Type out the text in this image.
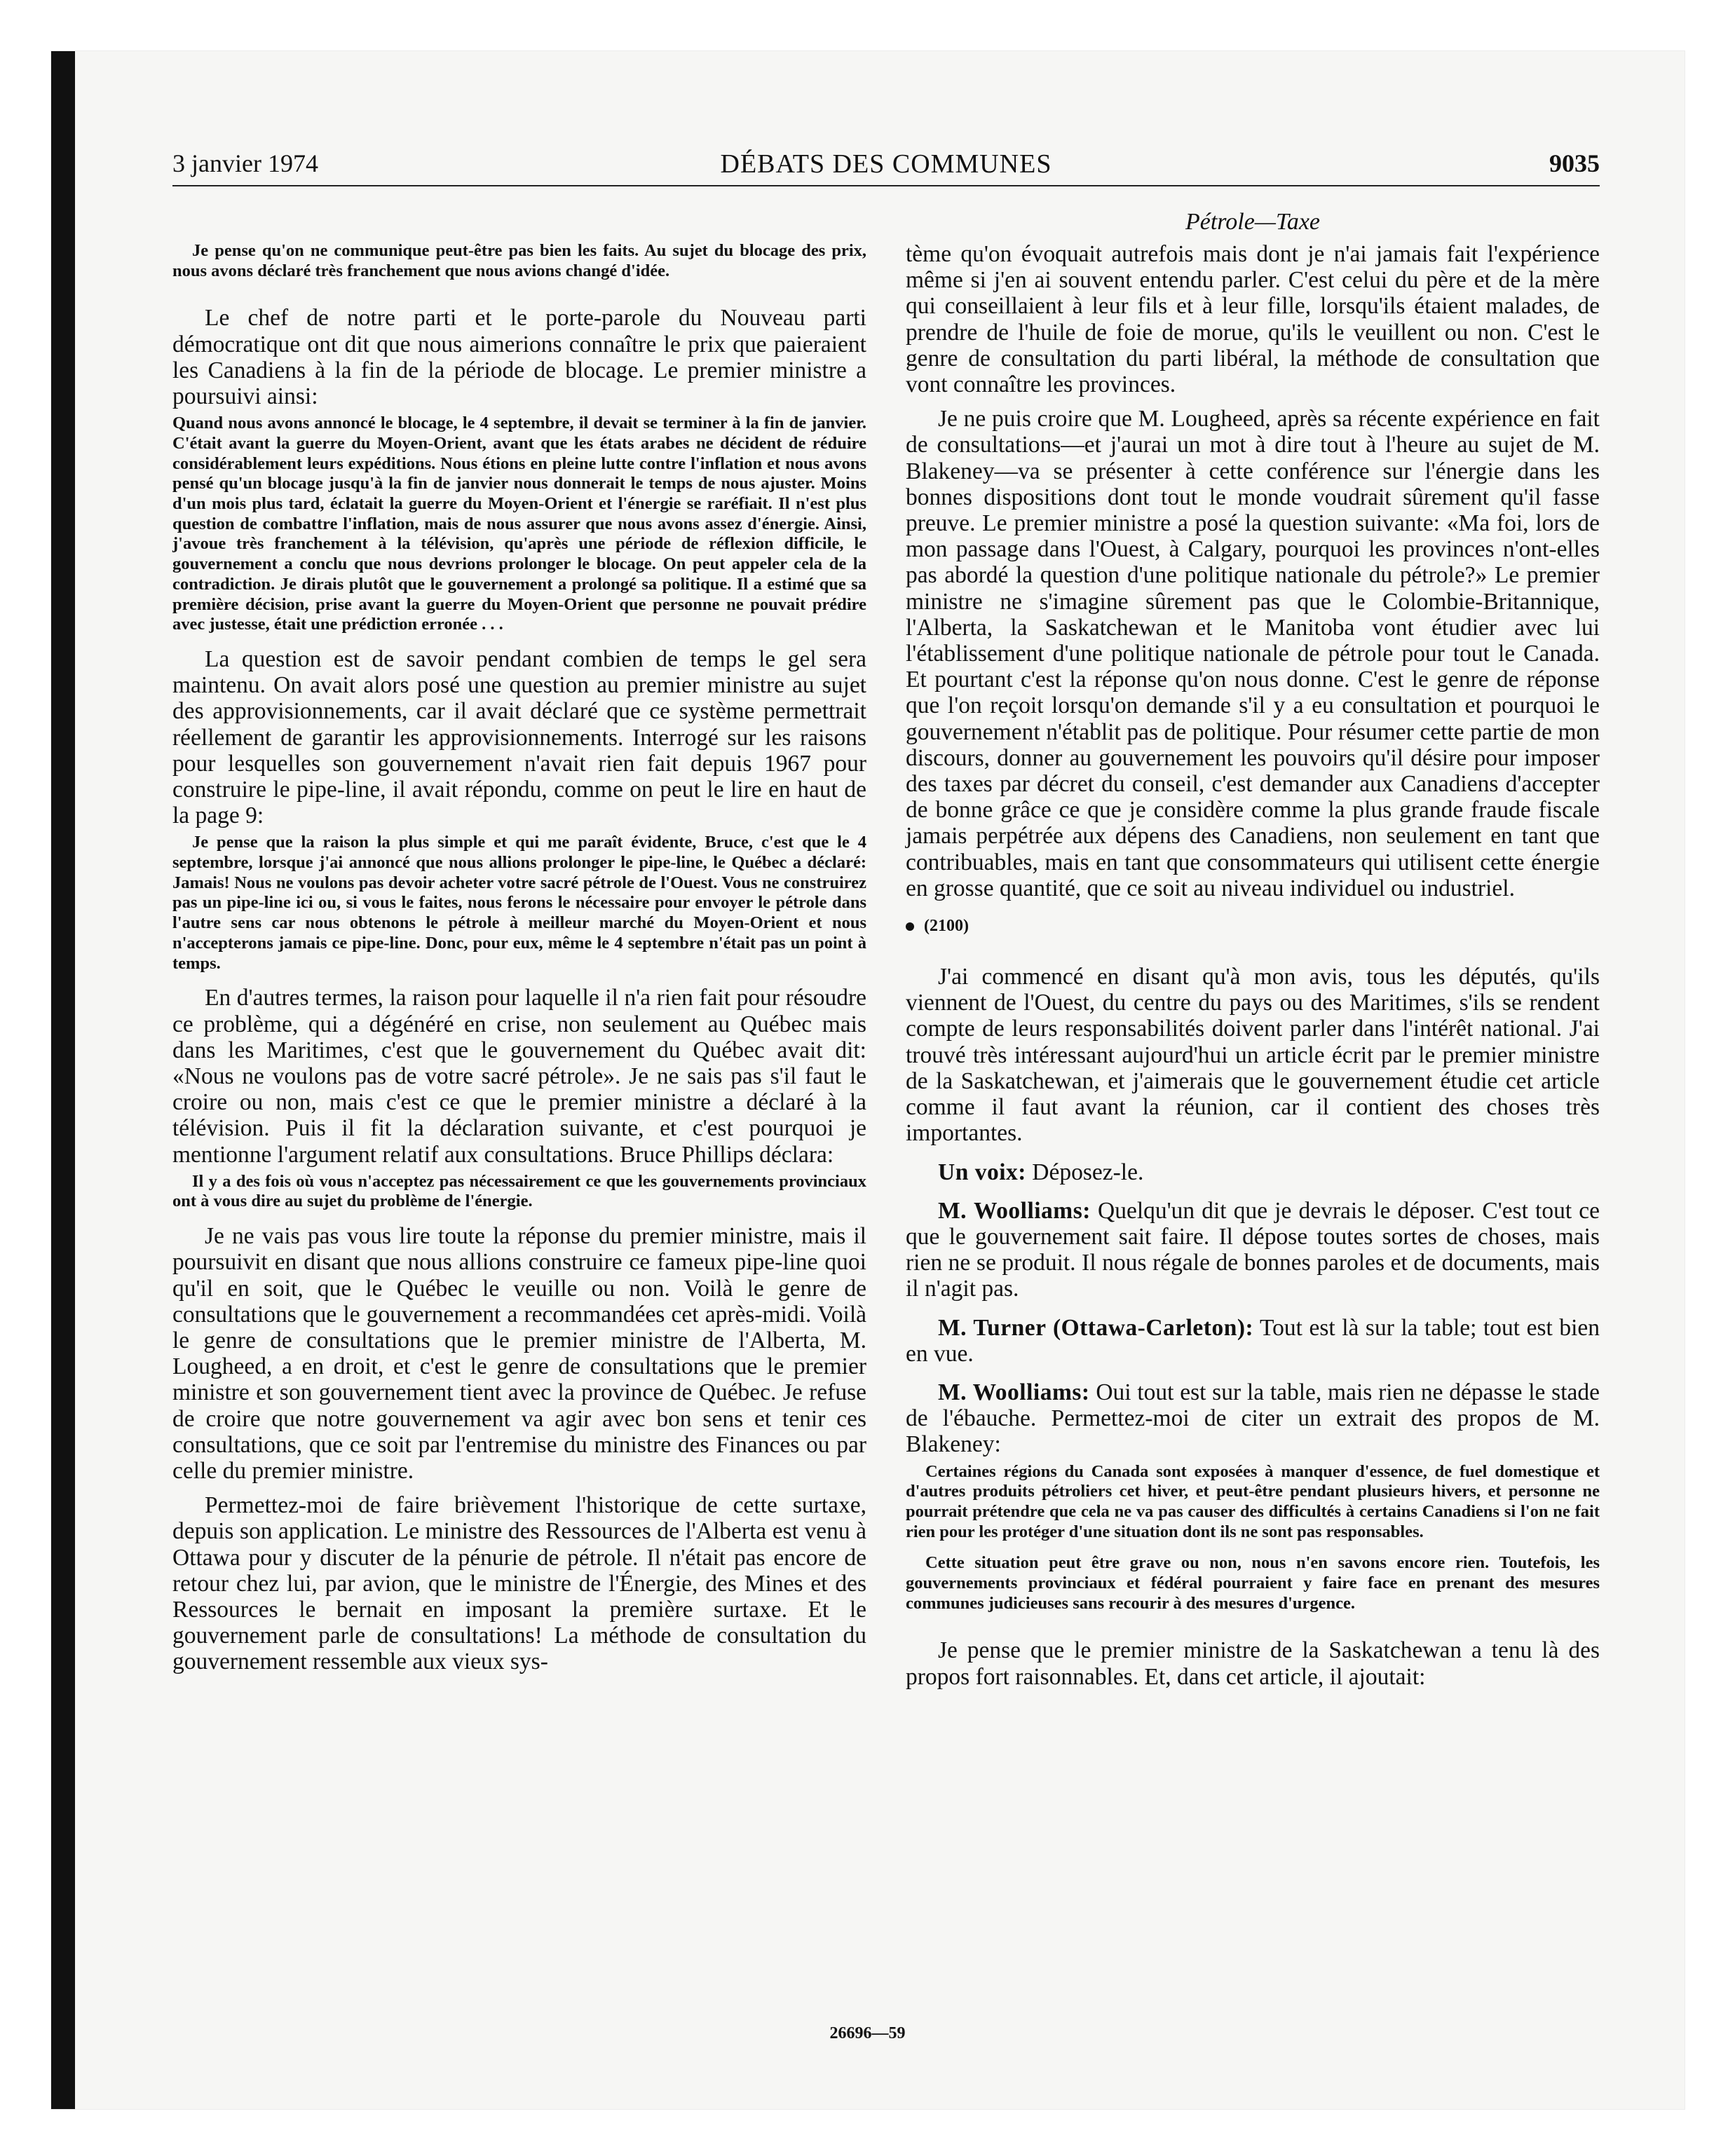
3 janvier 1974	DÉBATS DES COMMUNES	9035

Je pense qu'on ne communique peut-être pas bien les faits. Au sujet du blocage des prix, nous avons déclaré très franchement que nous avions changé d'idée.

Le chef de notre parti et le porte-parole du Nouveau parti démocratique ont dit que nous aimerions connaître le prix que paieraient les Canadiens à la fin de la période de blocage. Le premier ministre a poursuivi ainsi:

Quand nous avons annoncé le blocage, le 4 septembre, il devait se terminer à la fin de janvier. C'était avant la guerre du Moyen-Orient, avant que les états arabes ne décident de réduire considérablement leurs expéditions. Nous étions en pleine lutte contre l'inflation et nous avons pensé qu'un blocage jusqu'à la fin de janvier nous donnerait le temps de nous ajuster. Moins d'un mois plus tard, éclatait la guerre du Moyen-Orient et l'énergie se raréfiait. Il n'est plus question de combattre l'inflation, mais de nous assurer que nous avons assez d'énergie. Ainsi, j'avoue très franchement à la télévision, qu'après une période de réflexion difficile, le gouvernement a conclu que nous devrions prolonger le blocage. On peut appeler cela de la contradiction. Je dirais plutôt que le gouvernement a prolongé sa politique. Il a estimé que sa première décision, prise avant la guerre du Moyen-Orient que personne ne pouvait prédire avec justesse, était une prédiction erronée . . .

La question est de savoir pendant combien de temps le gel sera maintenu. On avait alors posé une question au premier ministre au sujet des approvisionnements, car il avait déclaré que ce système permettrait réellement de garantir les approvisionnements. Interrogé sur les raisons pour lesquelles son gouvernement n'avait rien fait depuis 1967 pour construire le pipe-line, il avait répondu, comme on peut le lire en haut de la page 9:

Je pense que la raison la plus simple et qui me paraît évidente, Bruce, c'est que le 4 septembre, lorsque j'ai annoncé que nous allions prolonger le pipe-line, le Québec a déclaré: Jamais! Nous ne voulons pas devoir acheter votre sacré pétrole de l'Ouest. Vous ne construirez pas un pipe-line ici ou, si vous le faites, nous ferons le nécessaire pour envoyer le pétrole dans l'autre sens car nous obtenons le pétrole à meilleur marché du Moyen-Orient et nous n'accepterons jamais ce pipe-line. Donc, pour eux, même le 4 septembre n'était pas un point à temps.

En d'autres termes, la raison pour laquelle il n'a rien fait pour résoudre ce problème, qui a dégénéré en crise, non seulement au Québec mais dans les Maritimes, c'est que le gouvernement du Québec avait dit: «Nous ne voulons pas de votre sacré pétrole». Je ne sais pas s'il faut le croire ou non, mais c'est ce que le premier ministre a déclaré à la télévision. Puis il fit la déclaration suivante, et c'est pourquoi je mentionne l'argument relatif aux consultations. Bruce Phillips déclara:

Il y a des fois où vous n'acceptez pas nécessairement ce que les gouvernements provinciaux ont à vous dire au sujet du problème de l'énergie.

Je ne vais pas vous lire toute la réponse du premier ministre, mais il poursuivit en disant que nous allions construire ce fameux pipe-line quoi qu'il en soit, que le Québec le veuille ou non. Voilà le genre de consultations que le gouvernement a recommandées cet après-midi. Voilà le genre de consultations que le premier ministre de l'Alberta, M. Lougheed, a en droit, et c'est le genre de consultations que le premier ministre et son gouvernement tient avec la province de Québec. Je refuse de croire que notre gouvernement va agir avec bon sens et tenir ces consultations, que ce soit par l'entremise du ministre des Finances ou par celle du premier ministre.

Permettez-moi de faire brièvement l'historique de cette surtaxe, depuis son application. Le ministre des Ressources de l'Alberta est venu à Ottawa pour y discuter de la pénurie de pétrole. Il n'était pas encore de retour chez lui, par avion, que le ministre de l'Énergie, des Mines et des Ressources le bernait en imposant la première surtaxe. Et le gouvernement parle de consultations! La méthode de consultation du gouvernement ressemble aux vieux sys-

Pétrole—Taxe

tème qu'on évoquait autrefois mais dont je n'ai jamais fait l'expérience même si j'en ai souvent entendu parler. C'est celui du père et de la mère qui conseillaient à leur fils et à leur fille, lorsqu'ils étaient malades, de prendre de l'huile de foie de morue, qu'ils le veuillent ou non. C'est le genre de consultation du parti libéral, la méthode de consultation que vont connaître les provinces.

Je ne puis croire que M. Lougheed, après sa récente expérience en fait de consultations—et j'aurai un mot à dire tout à l'heure au sujet de M. Blakeney—va se présenter à cette conférence sur l'énergie dans les bonnes dispositions dont tout le monde voudrait sûrement qu'il fasse preuve. Le premier ministre a posé la question suivante: «Ma foi, lors de mon passage dans l'Ouest, à Calgary, pourquoi les provinces n'ont-elles pas abordé la question d'une politique nationale du pétrole?» Le premier ministre ne s'imagine sûrement pas que le Colombie-Britannique, l'Alberta, la Saskatchewan et le Manitoba vont étudier avec lui l'établissement d'une politique nationale de pétrole pour tout le Canada. Et pourtant c'est la réponse qu'on nous donne. C'est le genre de réponse que l'on reçoit lorsqu'on demande s'il y a eu consultation et pourquoi le gouvernement n'établit pas de politique. Pour résumer cette partie de mon discours, donner au gouvernement les pouvoirs qu'il désire pour imposer des taxes par décret du conseil, c'est demander aux Canadiens d'accepter de bonne grâce ce que je considère comme la plus grande fraude fiscale jamais perpétrée aux dépens des Canadiens, non seulement en tant que contribuables, mais en tant que consommateurs qui utilisent cette énergie en grosse quantité, que ce soit au niveau individuel ou industriel.

(2100)

J'ai commencé en disant qu'à mon avis, tous les députés, qu'ils viennent de l'Ouest, du centre du pays ou des Maritimes, s'ils se rendent compte de leurs responsabilités doivent parler dans l'intérêt national. J'ai trouvé très intéressant aujourd'hui un article écrit par le premier ministre de la Saskatchewan, et j'aimerais que le gouvernement étudie cet article comme il faut avant la réunion, car il contient des choses très importantes.

Un voix: Déposez-le.

M. Woolliams: Quelqu'un dit que je devrais le déposer. C'est tout ce que le gouvernement sait faire. Il dépose toutes sortes de choses, mais rien ne se produit. Il nous régale de bonnes paroles et de documents, mais il n'agit pas.

M. Turner (Ottawa-Carleton): Tout est là sur la table; tout est bien en vue.

M. Woolliams: Oui tout est sur la table, mais rien ne dépasse le stade de l'ébauche. Permettez-moi de citer un extrait des propos de M. Blakeney:

Certaines régions du Canada sont exposées à manquer d'essence, de fuel domestique et d'autres produits pétroliers cet hiver, et peut-être pendant plusieurs hivers, et personne ne pourrait prétendre que cela ne va pas causer des difficultés à certains Canadiens si l'on ne fait rien pour les protéger d'une situation dont ils ne sont pas responsables.

Cette situation peut être grave ou non, nous n'en savons encore rien. Toutefois, les gouvernements provinciaux et fédéral pourraient y faire face en prenant des mesures communes judicieuses sans recourir à des mesures d'urgence.

Je pense que le premier ministre de la Saskatchewan a tenu là des propos fort raisonnables. Et, dans cet article, il ajoutait:

26696—59
